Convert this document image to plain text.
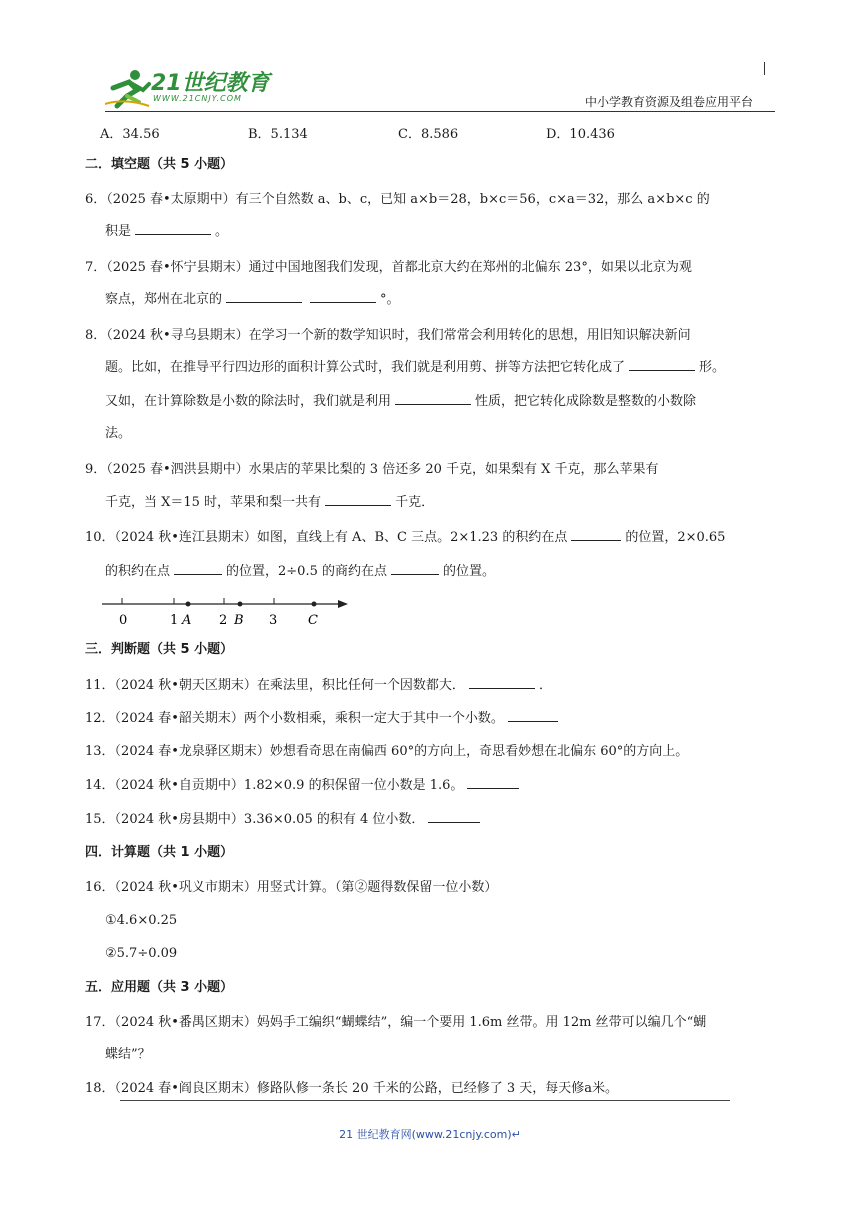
21世纪教育
WWW.21CNJY.COM	中小学教育资源及组卷应用平台
A．34.56	B．5.134	C．8.586	D．10.436
二．填空题（共 5 小题）
6．（2025 春•太原期中）有三个自然数 a、b、c，已知 a×b＝28，b×c＝56，c×a＝32，那么 a×b×c 的
积是	。
7．（2025 春•怀宁县期末）通过中国地图我们发现，首都北京大约在郑州的北偏东 23°，如果以北京为观
察点，郑州在北京的	°。
8．（2024 秋•寻乌县期末）在学习一个新的数学知识时，我们常常会利用转化的思想，用旧知识解决新问
题。比如，在推导平行四边形的面积计算公式时，我们就是利用剪、拼等方法把它转化成了	形。
又如，在计算除数是小数的除法时，我们就是利用	性质，把它转化成除数是整数的小数除
法。
9．（2025 春•泗洪县期中）水果店的苹果比梨的 3 倍还多 20 千克，如果梨有 X 千克，那么苹果有
千克，当 X＝15 时，苹果和梨一共有	千克．
10．（2024 秋•连江县期末）如图，直线上有 A、B、C 三点。2×1.23 的积约在点	的位置，2×0.65
的积约在点	的位置，2÷0.5 的商约在点	的位置。
0	1 A 2 B 3 C
三．判断题（共 5 小题）
11．（2024 秋•朝天区期末）在乘法里，积比任何一个因数都大．	．
12．（2024 春•韶关期末）两个小数相乘，乘积一定大于其中一个小数。
13．（2024 春•龙泉驿区期末）妙想看奇思在南偏西 60°的方向上，奇思看妙想在北偏东 60°的方向上。
14．（2024 秋•自贡期中）1.82×0.9 的积保留一位小数是 1.6。
15．（2024 秋•房县期中）3.36×0.05 的积有 4 位小数．
四．计算题（共 1 小题）
16．（2024 秋•巩义市期末）用竖式计算。（第②题得数保留一位小数）
①4.6×0.25
②5.7÷0.09
五．应用题（共 3 小题）
17．（2024 秋•番禺区期末）妈妈手工编织“蝴蝶结”，编一个要用 1.6m 丝带。用 12m 丝带可以编几个“蝴
蝶结”？
18．（2024 春•阎良区期末）修路队修一条长 20 千米的公路，已经修了 3 天，每天修a米。
21 世纪教育网(www.21cnjy.com)↵
